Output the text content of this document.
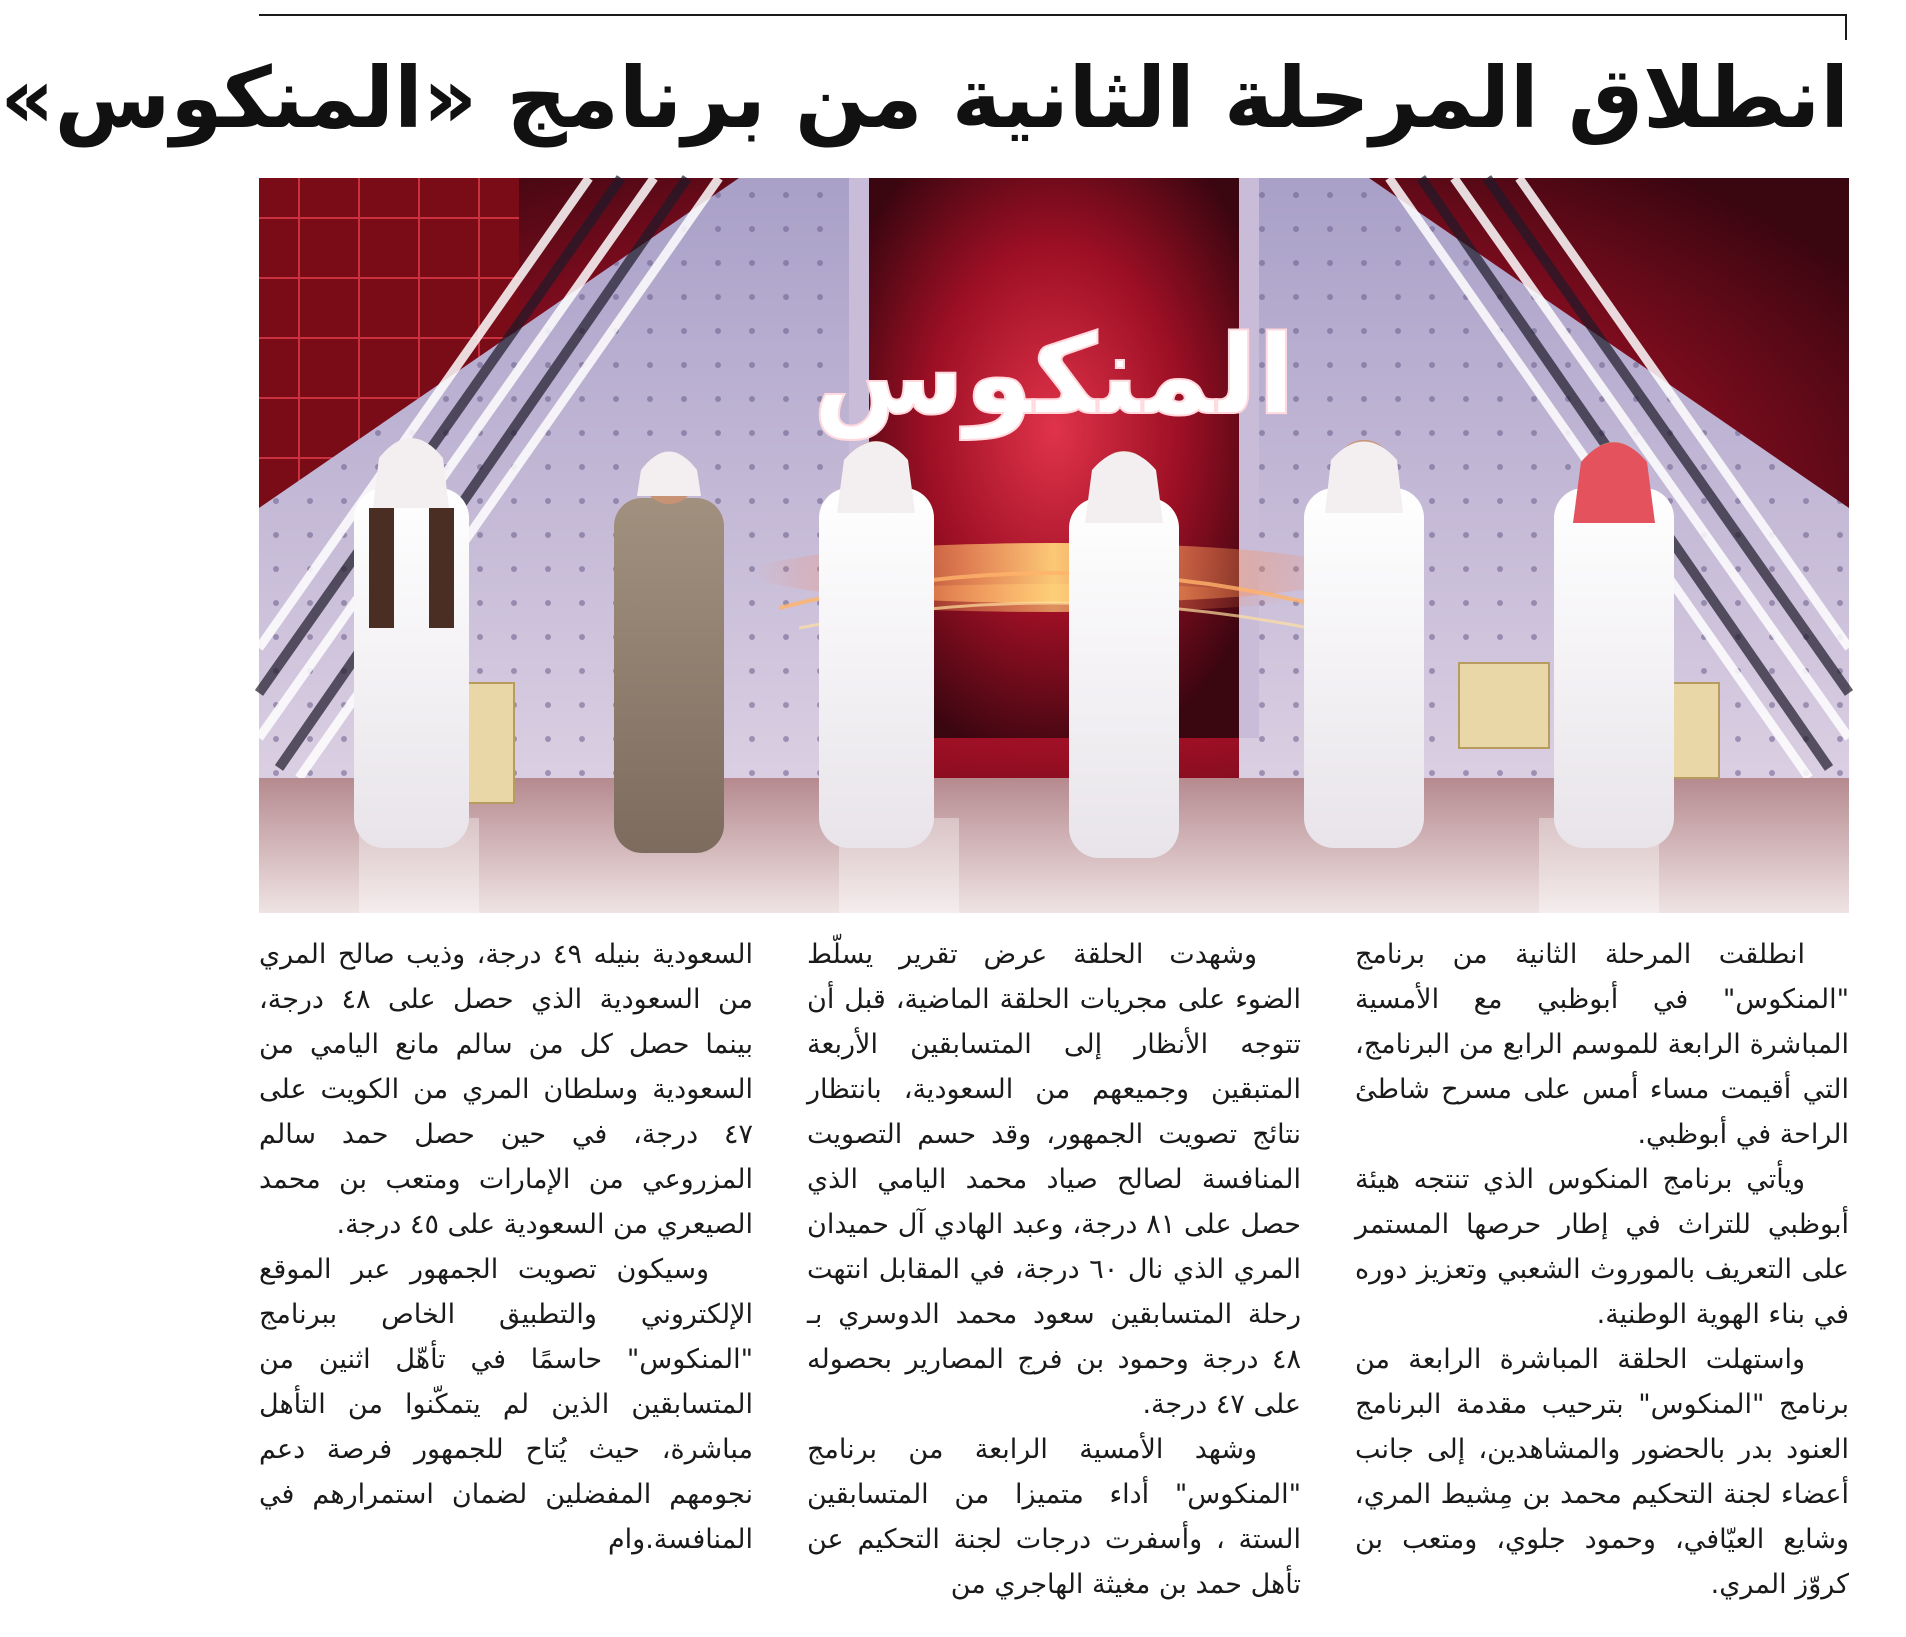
انطلاق المرحلة الثانية من برنامج «المنكوس»
المنكوس

انطلقت المرحلة الثانية من برنامج "المنكوس" في أبوظبي مع الأمسية المباشرة الرابعة للموسم الرابع من البرنامج، التي أقيمت مساء أمس على مسرح شاطئ الراحة في أبوظبي.

ويأتي برنامج المنكوس الذي تنتجه هيئة أبوظبي للتراث في إطار حرصها المستمر على التعريف بالموروث الشعبي وتعزيز دوره في بناء الهوية الوطنية.

واستهلت الحلقة المباشرة الرابعة من برنامج "المنكوس" بترحيب مقدمة البرنامج العنود بدر بالحضور والمشاهدين، إلى جانب أعضاء لجنة التحكيم محمد بن مِشيط المري، وشايع العيّافي، وحمود جلوي، ومتعب بن كروّز المري.

وشهدت الحلقة عرض تقرير يسلّط الضوء على مجريات الحلقة الماضية، قبل أن تتوجه الأنظار إلى المتسابقين الأربعة المتبقين وجميعهم من السعودية، بانتظار نتائج تصويت الجمهور، وقد حسم التصويت المنافسة لصالح صياد محمد اليامي الذي حصل على ٨١ درجة، وعبد الهادي آل حميدان المري الذي نال ٦٠ درجة، في المقابل انتهت رحلة المتسابقين سعود محمد الدوسري بـ ٤٨ درجة وحمود بن فرج المصارير بحصوله على ٤٧ درجة.

وشهد الأمسية الرابعة من برنامج "المنكوس" أداء متميزا من المتسابقين الستة ، وأسفرت درجات لجنة التحكيم عن تأهل حمد بن مغيثة الهاجري من

السعودية بنيله ٤٩ درجة، وذيب صالح المري من السعودية الذي حصل على ٤٨ درجة، بينما حصل كل من سالم مانع اليامي من السعودية وسلطان المري من الكويت على ٤٧ درجة، في حين حصل حمد سالم المزروعي من الإمارات ومتعب بن محمد الصيعري من السعودية على ٤٥ درجة.

وسيكون تصويت الجمهور عبر الموقع الإلكتروني والتطبيق الخاص ببرنامج "المنكوس" حاسمًا في تأهّل اثنين من المتسابقين الذين لم يتمكّنوا من التأهل مباشرة، حيث يُتاح للجمهور فرصة دعم نجومهم المفضلين لضمان استمرارهم في المنافسة.وام
